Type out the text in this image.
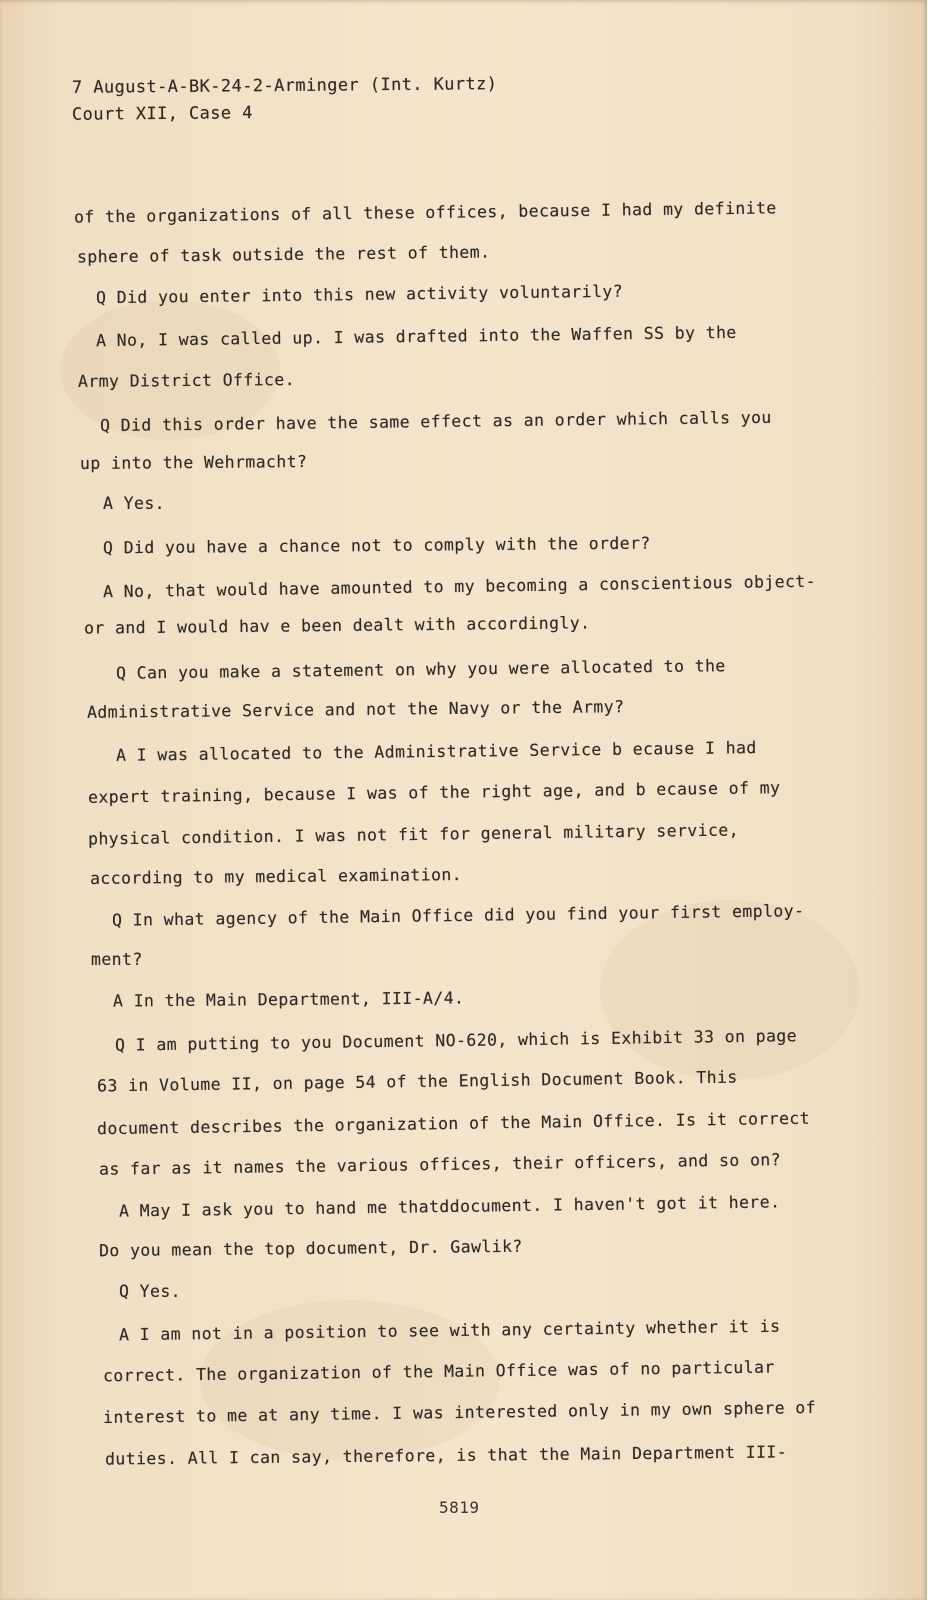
7 August-A-BK-24-2-Arminger (Int. Kurtz)
Court XII, Case 4
of the organizations of all these offices, because I had my definite
sphere of task outside the rest of them.
Q Did you enter into this new activity voluntarily?
A No, I was called up. I was drafted into the Waffen SS by the
Army District Office.
Q Did this order have the same effect as an order which calls you
up into the Wehrmacht?
A Yes.
Q Did you have a chance not to comply with the order?
A No, that would have amounted to my becoming a conscientious object-
or and I would hav e been dealt with accordingly.
Q Can you make a statement on why you were allocated to the
Administrative Service and not the Navy or the Army?
A I was allocated to the Administrative Service b ecause I had
expert training, because I was of the right age, and b ecause of my
physical condition. I was not fit for general military service,
according to my medical examination.
Q In what agency of the Main Office did you find your first employ-
ment?
A In the Main Department, III-A/4.
Q I am putting to you Document NO-620, which is Exhibit 33 on page
63 in Volume II, on page 54 of the English Document Book. This
document describes the organization of the Main Office. Is it correct
as far as it names the various offices, their officers, and so on?
A May I ask you to hand me thatddocument. I haven't got it here.
Do you mean the top document, Dr. Gawlik?
Q Yes.
A I am not in a position to see with any certainty whether it is
correct. The organization of the Main Office was of no particular
interest to me at any time. I was interested only in my own sphere of
duties. All I can say, therefore, is that the Main Department III-
5819
